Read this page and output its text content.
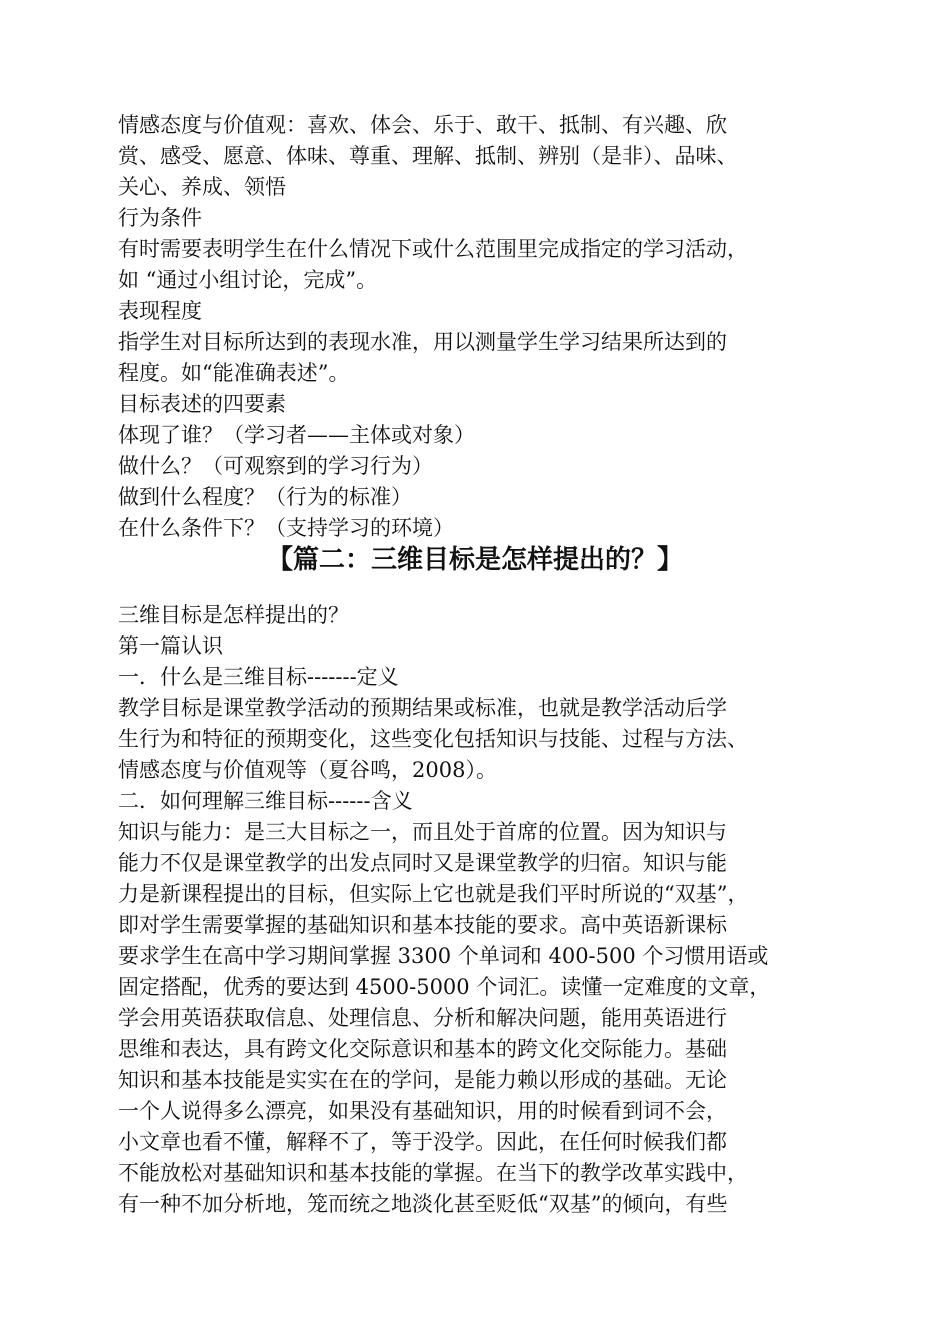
情感态度与价值观：喜欢、体会、乐于、敢干、抵制、有兴趣、欣
赏、感受、愿意、体味、尊重、理解、抵制、辨别（是非）、品味、
关心、养成、领悟
行为条件
有时需要表明学生在什么情况下或什么范围里完成指定的学习活动，
如 “通过小组讨论，完成”。
表现程度
指学生对目标所达到的表现水准，用以测量学生学习结果所达到的
程度。如“能准确表述”。
目标表述的四要素
体现了谁？（学习者——主体或对象）
做什么？（可观察到的学习行为）
做到什么程度？（行为的标准）
在什么条件下？（支持学习的环境）
【篇二：三维目标是怎样提出的？】
三维目标是怎样提出的？
第一篇认识
一．什么是三维目标-------定义
教学目标是课堂教学活动的预期结果或标准，也就是教学活动后学
生行为和特征的预期变化，这些变化包括知识与技能、过程与方法、
情感态度与价值观等（夏谷鸣，2008）。
二．如何理解三维目标------含义
知识与能力：是三大目标之一，而且处于首席的位置。因为知识与
能力不仅是课堂教学的出发点同时又是课堂教学的归宿。知识与能
力是新课程提出的目标，但实际上它也就是我们平时所说的“双基”，
即对学生需要掌握的基础知识和基本技能的要求。高中英语新课标
要求学生在高中学习期间掌握 3300 个单词和 400-500 个习惯用语或
固定搭配，优秀的要达到 4500-5000 个词汇。读懂一定难度的文章，
学会用英语获取信息、处理信息、分析和解决问题，能用英语进行
思维和表达，具有跨文化交际意识和基本的跨文化交际能力。基础
知识和基本技能是实实在在的学问，是能力赖以形成的基础。无论
一个人说得多么漂亮，如果没有基础知识，用的时候看到词不会，
小文章也看不懂，解释不了，等于没学。因此，在任何时候我们都
不能放松对基础知识和基本技能的掌握。在当下的教学改革实践中，
有一种不加分析地，笼而统之地淡化甚至贬低“双基”的倾向，有些
